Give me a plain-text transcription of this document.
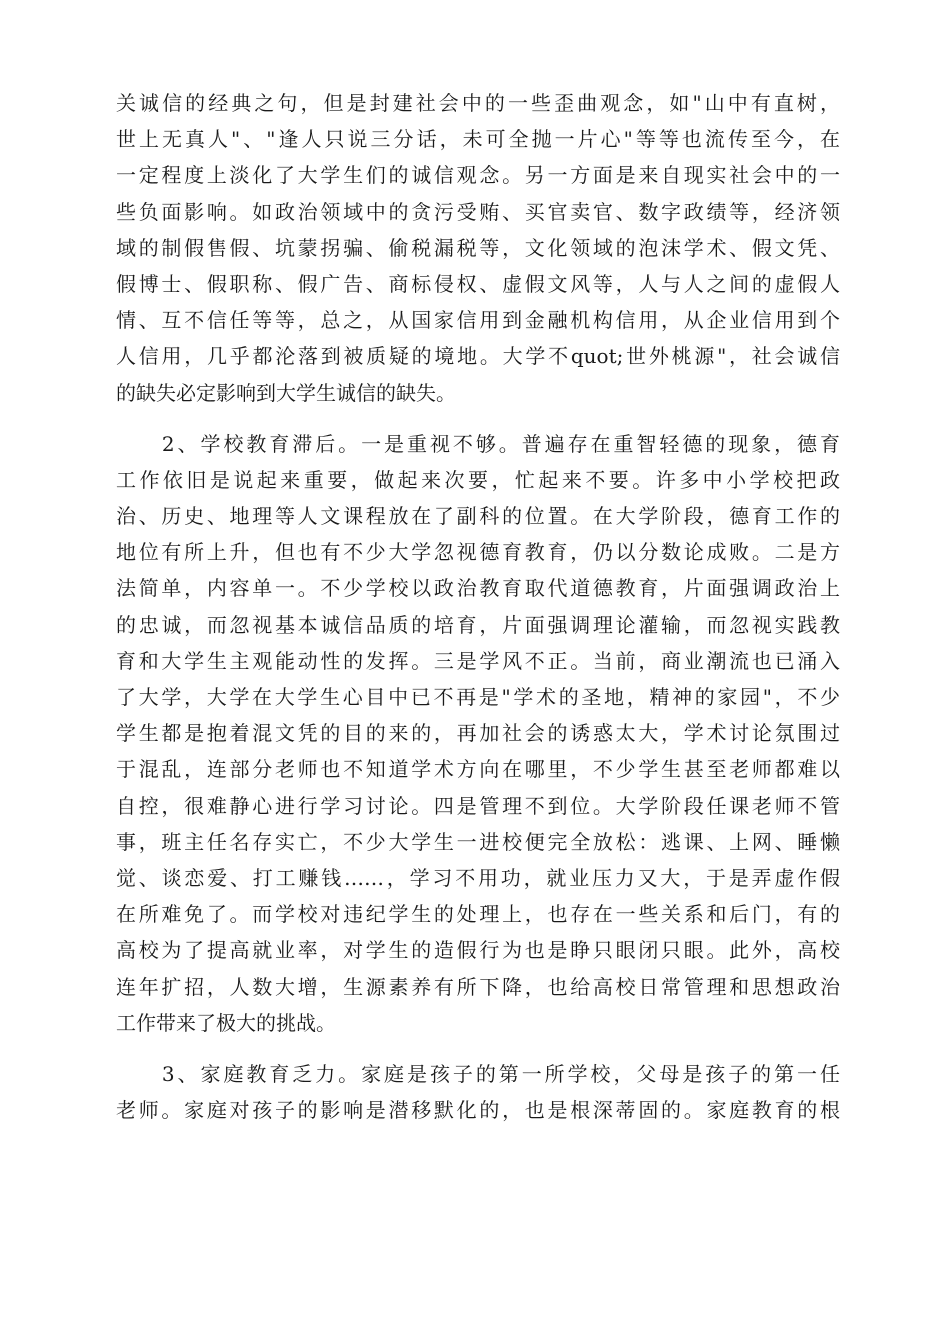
关诚信的经典之句，但是封建社会中的一些歪曲观念，如"山中有直树，
世上无真人"、"逢人只说三分话，未可全抛一片心"等等也流传至今，在
一定程度上淡化了大学生们的诚信观念。另一方面是来自现实社会中的一
些负面影响。如政治领域中的贪污受贿、买官卖官、数字政绩等，经济领
域的制假售假、坑蒙拐骗、偷税漏税等，文化领域的泡沫学术、假文凭、
假博士、假职称、假广告、商标侵权、虚假文风等，人与人之间的虚假人
情、互不信任等等，总之，从国家信用到金融机构信用，从企业信用到个
人信用，几乎都沦落到被质疑的境地。大学不quot;世外桃源"，社会诚信
的缺失必定影响到大学生诚信的缺失。
　　2、学校教育滞后。一是重视不够。普遍存在重智轻德的现象，德育
工作依旧是说起来重要，做起来次要，忙起来不要。许多中小学校把政
治、历史、地理等人文课程放在了副科的位置。在大学阶段，德育工作的
地位有所上升，但也有不少大学忽视德育教育，仍以分数论成败。二是方
法简单，内容单一。不少学校以政治教育取代道德教育，片面强调政治上
的忠诚，而忽视基本诚信品质的培育，片面强调理论灌输，而忽视实践教
育和大学生主观能动性的发挥。三是学风不正。当前，商业潮流也已涌入
了大学，大学在大学生心目中已不再是"学术的圣地，精神的家园"，不少
学生都是抱着混文凭的目的来的，再加社会的诱惑太大，学术讨论氛围过
于混乱，连部分老师也不知道学术方向在哪里，不少学生甚至老师都难以
自控，很难静心进行学习讨论。四是管理不到位。大学阶段任课老师不管
事，班主任名存实亡，不少大学生一进校便完全放松：逃课、上网、睡懒
觉、谈恋爱、打工赚钱……，学习不用功，就业压力又大，于是弄虚作假
在所难免了。而学校对违纪学生的处理上，也存在一些关系和后门，有的
高校为了提高就业率，对学生的造假行为也是睁只眼闭只眼。此外，高校
连年扩招，人数大增，生源素养有所下降，也给高校日常管理和思想政治
工作带来了极大的挑战。
　　3、家庭教育乏力。家庭是孩子的第一所学校，父母是孩子的第一任
老师。家庭对孩子的影响是潜移默化的，也是根深蒂固的。家庭教育的根
